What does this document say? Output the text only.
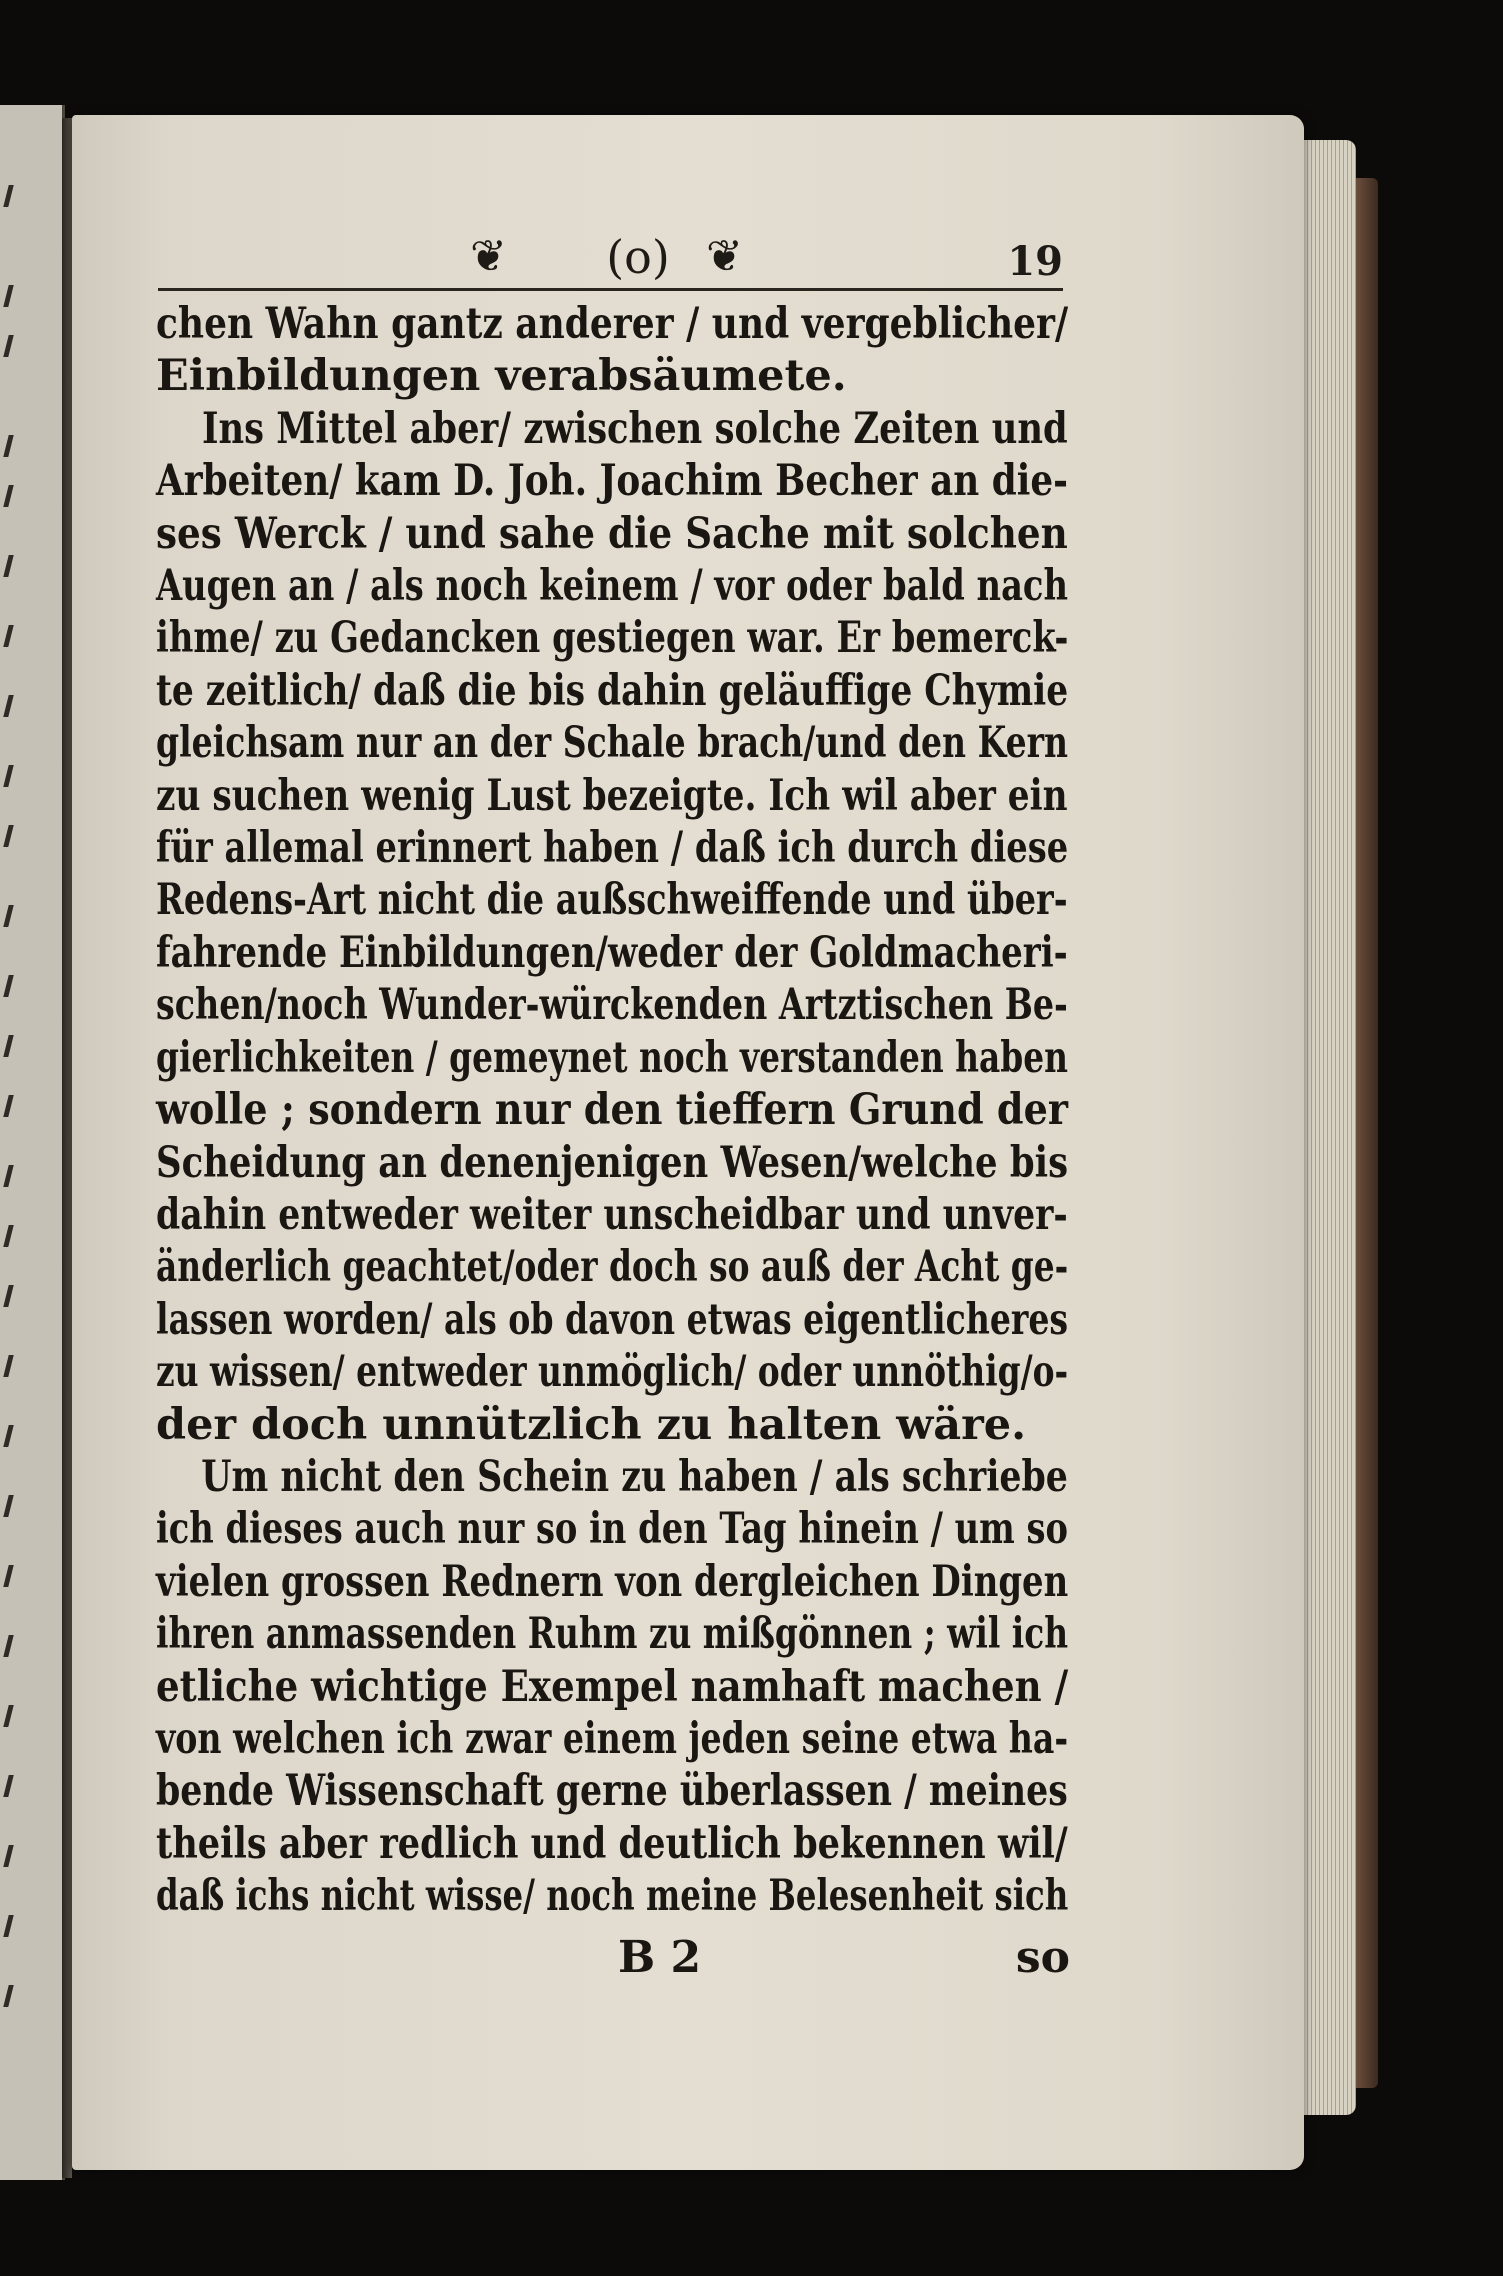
❦	(o) ❦	19
chen Wahn gantz anderer / und vergeblicher/
Einbildungen verabsäumete.
Ins Mittel aber/ zwischen solche Zeiten und
Arbeiten/ kam D. Joh. Joachim Becher an die-
ses Werck / und sahe die Sache mit solchen
Augen an / als noch keinem / vor oder bald nach
ihme/ zu Gedancken gestiegen war. Er bemerck-
te zeitlich/ daß die bis dahin geläuffige Chymie
gleichsam nur an der Schale brach/und den Kern
zu suchen wenig Lust bezeigte. Ich wil aber ein
für allemal erinnert haben / daß ich durch diese
Redens-Art nicht die außschweiffende und über-
fahrende Einbildungen/weder der Goldmacheri-
schen/noch Wunder-würckenden Artztischen Be-
gierlichkeiten / gemeynet noch verstanden haben
wolle ; sondern nur den tieffern Grund der
Scheidung an denenjenigen Wesen/welche bis
dahin entweder weiter unscheidbar und unver-
änderlich geachtet/oder doch so auß der Acht ge-
lassen worden/ als ob davon etwas eigentlicheres
zu wissen/ entweder unmöglich/ oder unnöthig/o-
der doch unnützlich zu halten wäre.
Um nicht den Schein zu haben / als schriebe
ich dieses auch nur so in den Tag hinein / um so
vielen grossen Rednern von dergleichen Dingen
ihren anmassenden Ruhm zu mißgönnen ; wil ich
etliche wichtige Exempel namhaft machen /
von welchen ich zwar einem jeden seine etwa ha-
bende Wissenschaft gerne überlassen / meines
theils aber redlich und deutlich bekennen wil/
daß ichs nicht wisse/ noch meine Belesenheit sich
B 2	so
